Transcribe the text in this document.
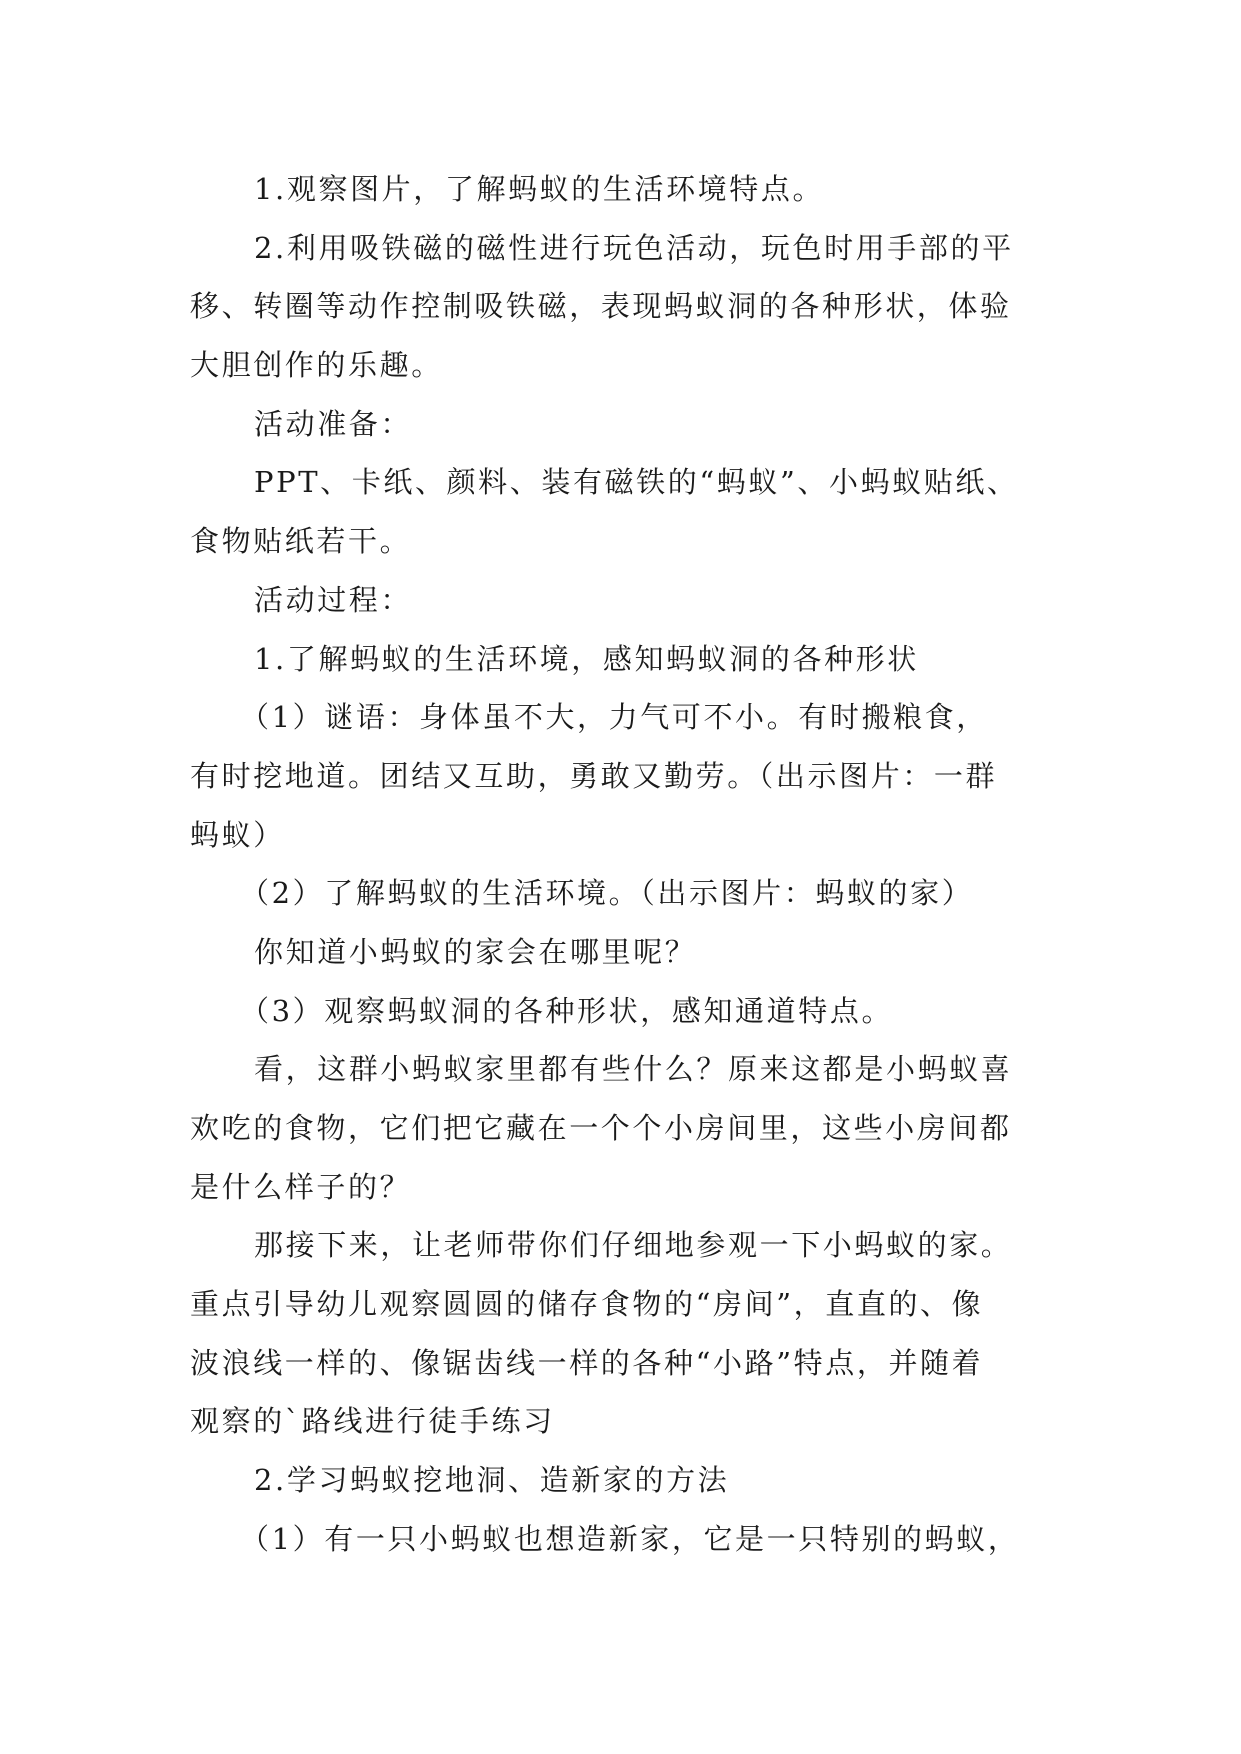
1.观察图片，了解蚂蚁的生活环境特点。
2.利用吸铁磁的磁性进行玩色活动，玩色时用手部的平
移、转圈等动作控制吸铁磁，表现蚂蚁洞的各种形状，体验
大胆创作的乐趣。
活动准备：
PPT、卡纸、颜料、装有磁铁的“蚂蚁”、小蚂蚁贴纸、
食物贴纸若干。
活动过程：
1.了解蚂蚁的生活环境，感知蚂蚁洞的各种形状
（1）谜语：身体虽不大，力气可不小。有时搬粮食，
有时挖地道。团结又互助，勇敢又勤劳。（出示图片：一群
蚂蚁）
（2）了解蚂蚁的生活环境。（出示图片：蚂蚁的家）
你知道小蚂蚁的家会在哪里呢？
（3）观察蚂蚁洞的各种形状，感知通道特点。
看，这群小蚂蚁家里都有些什么？原来这都是小蚂蚁喜
欢吃的食物，它们把它藏在一个个小房间里，这些小房间都
是什么样子的？
那接下来，让老师带你们仔细地参观一下小蚂蚁的家。
重点引导幼儿观察圆圆的储存食物的“房间”，直直的、像
波浪线一样的、像锯齿线一样的各种“小路”特点，并随着
观察的`路线进行徒手练习
2.学习蚂蚁挖地洞、造新家的方法
（1）有一只小蚂蚁也想造新家，它是一只特别的蚂蚁，
